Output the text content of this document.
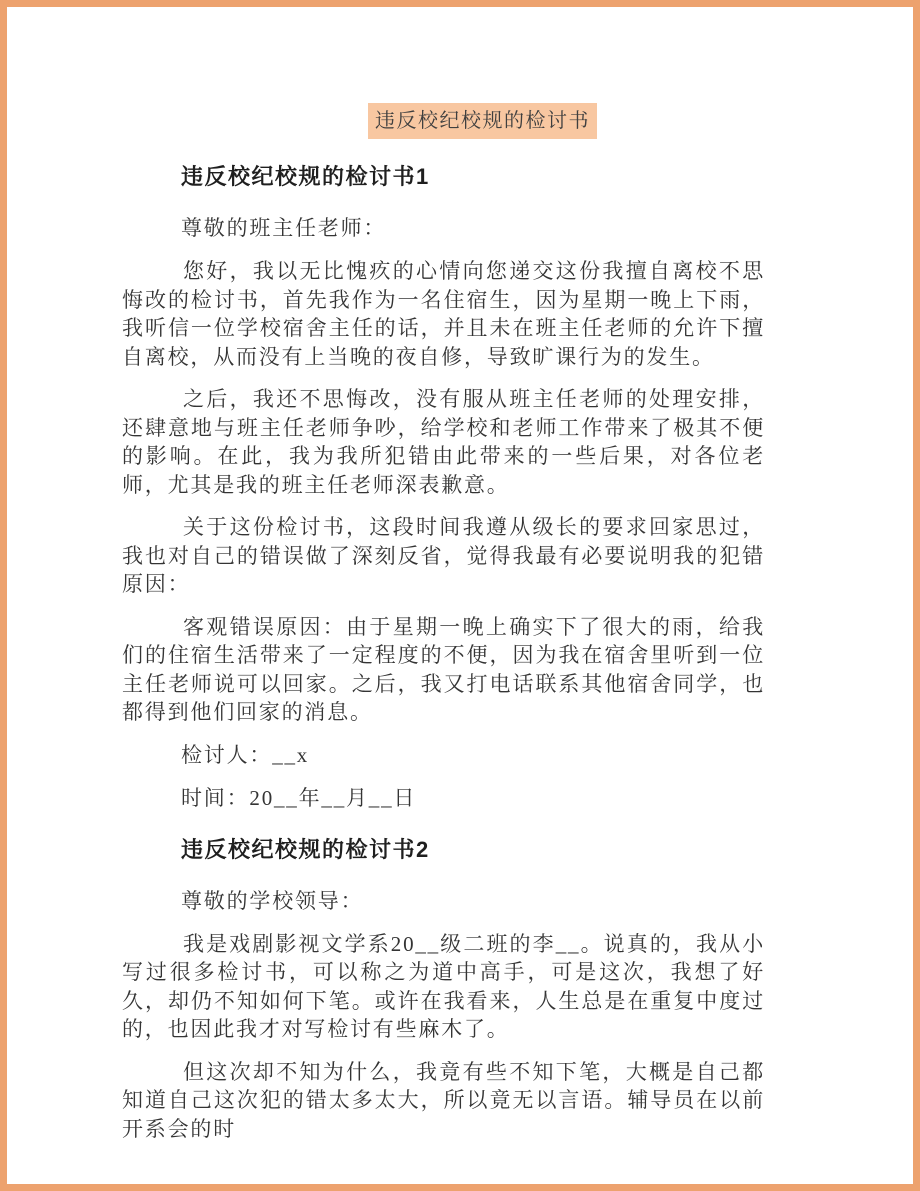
违反校纪校规的检讨书

违反校纪校规的检讨书1

尊敬的班主任老师：

您好，我以无比愧疚的心情向您递交这份我擅自离校不思悔改的检讨书，首先我作为一名住宿生，因为星期一晚上下雨，我听信一位学校宿舍主任的话，并且未在班主任老师的允许下擅自离校，从而没有上当晚的夜自修，导致旷课行为的发生。

之后，我还不思悔改，没有服从班主任老师的处理安排，还肆意地与班主任老师争吵，给学校和老师工作带来了极其不便的影响。在此，我为我所犯错由此带来的一些后果，对各位老师，尤其是我的班主任老师深表歉意。

关于这份检讨书，这段时间我遵从级长的要求回家思过，我也对自己的错误做了深刻反省，觉得我最有必要说明我的犯错原因：

客观错误原因：由于星期一晚上确实下了很大的雨，给我们的住宿生活带来了一定程度的不便，因为我在宿舍里听到一位主任老师说可以回家。之后，我又打电话联系其他宿舍同学，也都得到他们回家的消息。

检讨人：__x

时间：20__年__月__日

违反校纪校规的检讨书2

尊敬的学校领导：

我是戏剧影视文学系20__级二班的李__。说真的，我从小写过很多检讨书，可以称之为道中高手，可是这次，我想了好久，却仍不知如何下笔。或许在我看来，人生总是在重复中度过的，也因此我才对写检讨有些麻木了。

但这次却不知为什么，我竟有些不知下笔，大概是自己都知道自己这次犯的错太多太大，所以竟无以言语。辅导员在以前开系会的时
